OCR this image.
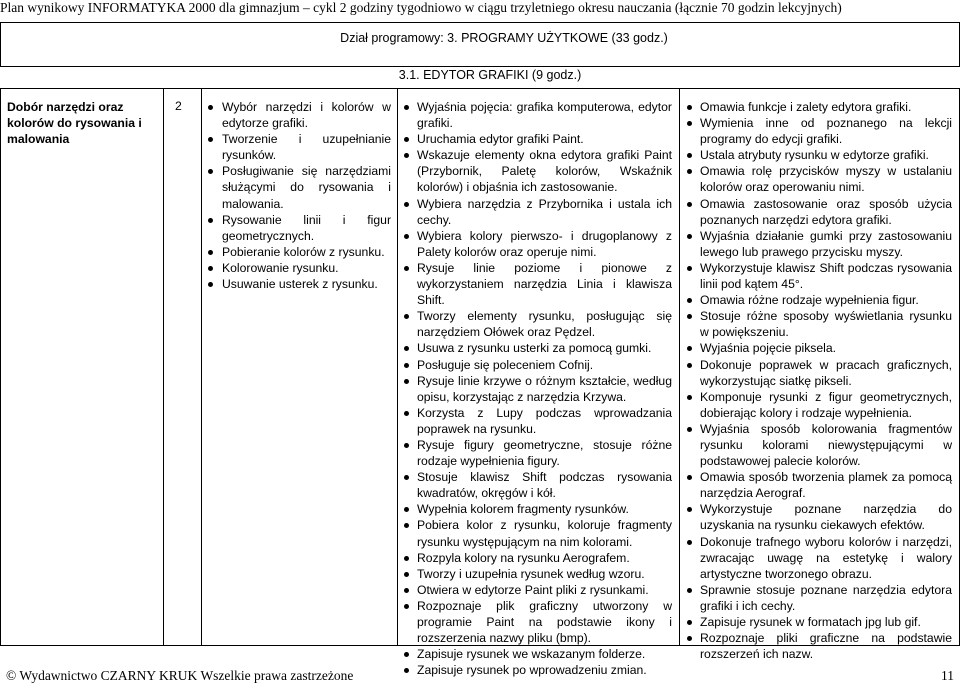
Plan wynikowy INFORMATYKA 2000 dla gimnazjum – cykl 2 godziny tygodniowo w ciągu trzyletniego okresu nauczania (łącznie 70 godzin lekcyjnych)
Dział programowy: 3. PROGRAMY UŻYTKOWE (33 godz.)
3.1. EDYTOR GRAFIKI (9 godz.)
Dobór narzędzi oraz kolorów do rysowania i malowania
2	Wybór narzędzi i kolorów w edytorze grafiki.
Tworzenie i uzupełnianie rysunków.
Posługiwanie się narzędziami służącymi do rysowania i malowania.
Rysowanie linii i figur geometrycznych.
Pobieranie kolorów z rysunku.
Kolorowanie rysunku.
Usuwanie usterek z rysunku.
Wyjaśnia pojęcia: grafika komputerowa, edytor grafiki.
Uruchamia edytor grafiki Paint.
Wskazuje elementy okna edytora grafiki Paint (Przybornik, Paletę kolorów, Wskaźnik kolorów) i objaśnia ich zastosowanie.
Wybiera narzędzia z Przybornika i ustala ich cechy.
Wybiera kolory pierwszo- i drugoplanowy z Palety kolorów oraz operuje nimi.
Rysuje linie poziome i pionowe z wykorzystaniem narzędzia Linia i klawisza Shift.
Tworzy elementy rysunku, posługując się narzędziem Ołówek oraz Pędzel.
Usuwa z rysunku usterki za pomocą gumki.
Posługuje się poleceniem Cofnij.
Rysuje linie krzywe o różnym kształcie, według opisu, korzystając z narzędzia Krzywa.
Korzysta z Lupy podczas wprowadzania poprawek na rysunku.
Rysuje figury geometryczne, stosuje różne rodzaje wypełnienia figury.
Stosuje klawisz Shift podczas rysowania kwadratów, okręgów i kół.
Wypełnia kolorem fragmenty rysunków.
Pobiera kolor z rysunku, koloruje fragmenty rysunku występującym na nim kolorami.
Rozpyla kolory na rysunku Aerografem.
Tworzy i uzupełnia rysunek według wzoru.
Otwiera w edytorze Paint pliki z rysunkami.
Rozpoznaje plik graficzny utworzony w programie Paint na podstawie ikony i rozszerzenia nazwy pliku (bmp).
Zapisuje rysunek we wskazanym folderze.
Zapisuje rysunek po wprowadzeniu zmian.
Omawia funkcje i zalety edytora grafiki.
Wymienia inne od poznanego na lekcji programy do edycji grafiki.
Ustala atrybuty rysunku w edytorze grafiki.
Omawia rolę przycisków myszy w ustalaniu kolorów oraz operowaniu nimi.
Omawia zastosowanie oraz sposób użycia poznanych narzędzi edytora grafiki.
Wyjaśnia działanie gumki przy zastosowaniu lewego lub prawego przycisku myszy.
Wykorzystuje klawisz Shift podczas rysowania linii pod kątem 45°.
Omawia różne rodzaje wypełnienia figur.
Stosuje różne sposoby wyświetlania rysunku w powiększeniu.
Wyjaśnia pojęcie piksela.
Dokonuje poprawek w pracach graficznych, wykorzystując siatkę pikseli.
Komponuje rysunki z figur geometrycznych, dobierając kolory i rodzaje wypełnienia.
Wyjaśnia sposób kolorowania fragmentów rysunku kolorami niewystępującymi w podstawowej palecie kolorów.
Omawia sposób tworzenia plamek za pomocą narzędzia Aerograf.
Wykorzystuje poznane narzędzia do uzyskania na rysunku ciekawych efektów.
Dokonuje trafnego wyboru kolorów i narzędzi, zwracając uwagę na estetykę i walory artystyczne tworzonego obrazu.
Sprawnie stosuje poznane narzędzia edytora grafiki i ich cechy.
Zapisuje rysunek w formatach jpg lub gif.
Rozpoznaje pliki graficzne na podstawie rozszerzeń ich nazw.
© Wydawnictwo CZARNY KRUK Wszelkie prawa zastrzeżone	11
